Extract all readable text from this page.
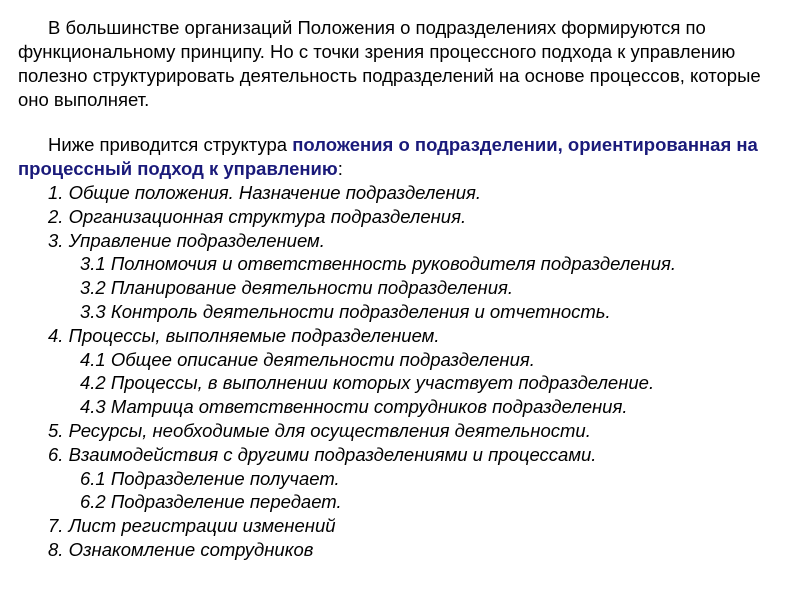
В большинстве организаций Положения о подразделениях формируются по функциональному принципу. Но с точки зрения процессного подхода к управлению полезно структурировать деятельность подразделений на основе процессов, которые оно выполняет.

Ниже приводится структура положения о подразделении, ориентированная на процессный подход к управлению:

1. Общие положения. Назначение подразделения.
2. Организационная структура подразделения.
3. Управление подразделением.
3.1 Полномочия и ответственность руководителя подразделения.
3.2 Планирование деятельности подразделения.
3.3 Контроль деятельности подразделения и отчетность.
4. Процессы, выполняемые подразделением.
4.1 Общее описание деятельности подразделения.
4.2 Процессы, в выполнении которых участвует подразделение.
4.3 Матрица ответственности сотрудников подразделения.
5. Ресурсы, необходимые для осуществления деятельности.
6. Взаимодействия с другими подразделениями и процессами.
6.1 Подразделение получает.
6.2 Подразделение передает.
7. Лист регистрации изменений
8. Ознакомление сотрудников
